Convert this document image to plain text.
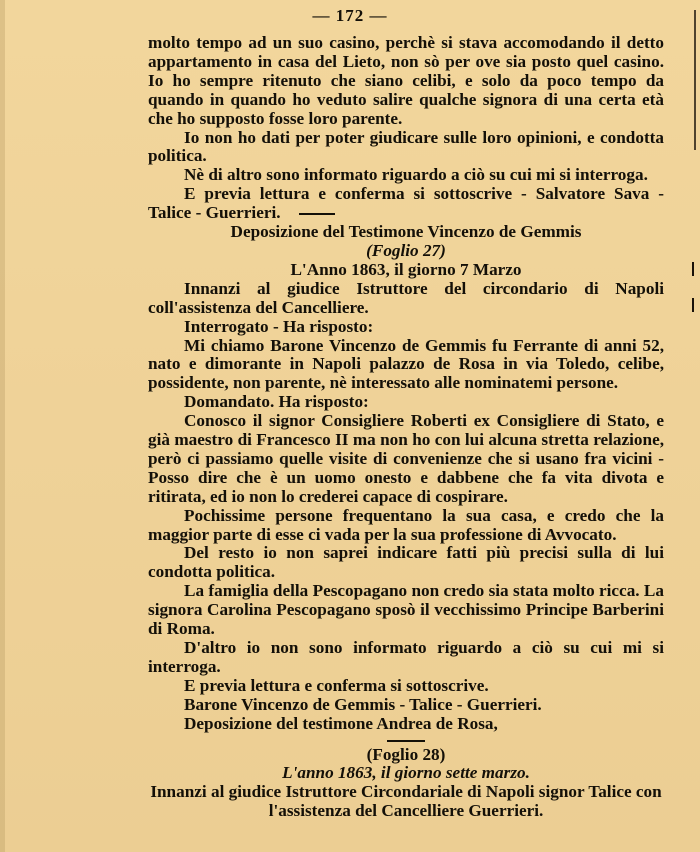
— 172 —

molto tempo ad un suo casino, perchè si stava accomodando il detto appartamento in casa del Lieto, non sò per ove sia posto quel casino. Io ho sempre ritenuto che siano celibi, e solo da poco tempo da quando in quando ho veduto salire qualche signora di una certa età che ho supposto fosse loro parente.

Io non ho dati per poter giudicare sulle loro opinioni, e condotta politica.

Nè di altro sono informato riguardo a ciò su cui mi si interroga.

E previa lettura e conferma si sottoscrive - Salvatore Sava - Talice - Guerrieri.

Deposizione del Testimone Vincenzo de Gemmis

(Foglio 27)

L'Anno 1863, il giorno 7 Marzo

Innanzi al giudice Istruttore del circondario di Napoli coll'assistenza del Cancelliere.

Interrogato - Ha risposto:

Mi chiamo Barone Vincenzo de Gemmis fu Ferrante di anni 52, nato e dimorante in Napoli palazzo de Rosa in via Toledo, celibe, possidente, non parente, nè interessato alle nominatemi persone.

Domandato. Ha risposto:

Conosco il signor Consigliere Roberti ex Consigliere di Stato, e già maestro di Francesco II ma non ho con lui alcuna stretta relazione, però ci passiamo quelle visite di convenienze che si usano fra vicini - Posso dire che è un uomo onesto e dabbene che fa vita divota e ritirata, ed io non lo crederei capace di cospirare.

Pochissime persone frequentano la sua casa, e credo che la maggior parte di esse ci vada per la sua professione di Avvocato.

Del resto io non saprei indicare fatti più precisi sulla di lui condotta politica.

La famiglia della Pescopagano non credo sia stata molto ricca. La signora Carolina Pescopagano sposò il vecchissimo Principe Barberini di Roma.

D'altro io non sono informato riguardo a ciò su cui mi si interroga.

E previa lettura e conferma si sottoscrive.

Barone Vincenzo de Gemmis - Talice - Guerrieri.

Deposizione del testimone Andrea de Rosa,

(Foglio 28)

L'anno 1863, il giorno sette marzo.

Innanzi al giudice Istruttore Circondariale di Napoli signor Talice con l'assistenza del Cancelliere Guerrieri.
